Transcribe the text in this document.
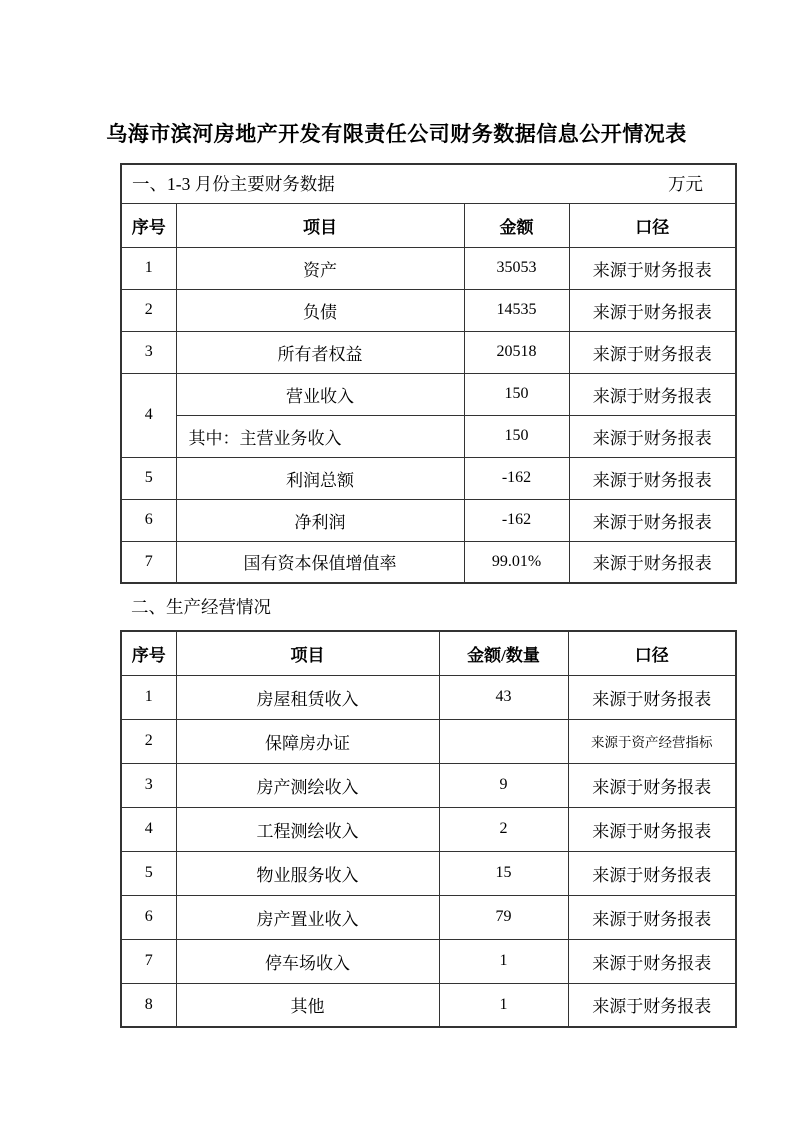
乌海市滨河房地产开发有限责任公司财务数据信息公开情况表
一、1-3 月份主要财务数据 万元			

序号	项目	金额	口径
1	资产	35053	来源于财务报表
2	负债	14535	来源于财务报表
3	所有者权益	20518	来源于财务报表
4	营业收入	150	来源于财务报表
	其中：主营业务收入	150	来源于财务报表
5	利润总额	-162	来源于财务报表
6	净利润	-162	来源于财务报表
7	国有资本保值增值率	99.01%	来源于财务报表
二、生产经营情况
序号	项目	金额/数量	口径
1	房屋租赁收入	43	来源于财务报表
2	保障房办证		来源于资产经营指标
3	房产测绘收入	9	来源于财务报表
4	工程测绘收入	2	来源于财务报表
5	物业服务收入	15	来源于财务报表
6	房产置业收入	79	来源于财务报表
7	停车场收入	1	来源于财务报表
8	其他	1	来源于财务报表
